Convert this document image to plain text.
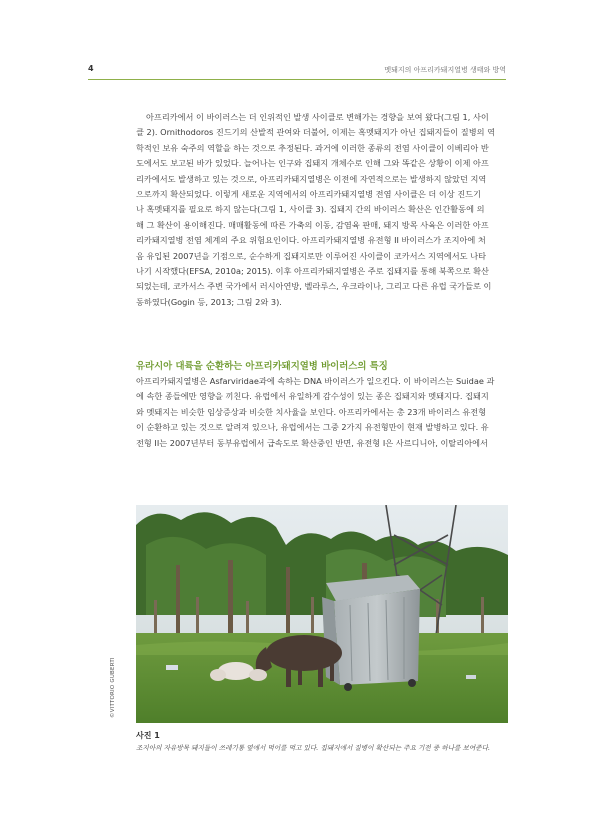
4	멧돼지의 아프리카돼지열병 생태와 방역
아프리카에서 이 바이러스는 더 인위적인 발생 사이클로 변해가는 경향을 보여 왔다(그림 1, 사이
클 2). Ornithodoros 진드기의 산발적 관여와 더불어, 이제는 혹멧돼지가 아닌 집돼지들이 질병의 역
학적인 보유 숙주의 역할을 하는 것으로 추정된다. 과거에 이러한 종류의 전염 사이클이 이베리아 반
도에서도 보고된 바가 있었다. 늘어나는 인구와 집돼지 개체수로 인해 그와 똑같은 상황이 이제 아프
리카에서도 발생하고 있는 것으로, 아프리카돼지열병은 이전에 자연적으로는 발생하지 않았던 지역
으로까지 확산되었다. 이렇게 새로운 지역에서의 아프리카돼지열병 전염 사이클은 더 이상 진드기
나 혹멧돼지를 필요로 하지 않는다(그림 1, 사이클 3). 집돼지 간의 바이러스 확산은 인간활동에 의
해 그 확산이 용이해진다. 매매활동에 따른 가축의 이동, 감염육 판매, 돼지 방목 사육은 이러한 아프
리카돼지열병 전염 체계의 주요 위험요인이다. 아프리카돼지열병 유전형 II 바이러스가 조지아에 처
음 유입된 2007년을 기점으로, 순수하게 집돼지로만 이루어진 사이클이 코카서스 지역에서도 나타
나기 시작했다(EFSA, 2010a; 2015). 이후 아프리카돼지열병은 주로 집돼지를 통해 북쪽으로 확산
되었는데, 코카서스 주변 국가에서 러시아연방, 벨라루스, 우크라이나, 그리고 다른 유럽 국가들로 이
동하였다(Gogin 등, 2013; 그림 2와 3).
유라시아 대륙을 순환하는 아프리카돼지열병 바이러스의 특징
아프리카돼지열병은 Asfarviridae과에 속하는 DNA 바이러스가 일으킨다. 이 바이러스는 Suidae 과
에 속한 종들에만 영향을 끼친다. 유럽에서 유일하게 감수성이 있는 종은 집돼지와 멧돼지다. 집돼지
와 멧돼지는 비슷한 임상증상과 비슷한 치사율을 보인다. 아프리카에서는 총 23개 바이러스 유전형
이 순환하고 있는 것으로 알려져 있으나, 유럽에서는 그중 2가지 유전형만이 현재 발병하고 있다. 유
전형 II는 2007년부터 동부유럽에서 급속도로 확산중인 반면, 유전형 I은 사르디니아, 이탈리아에서
©VITTORIO GUBERTI
사진 1
조지아의 자유방목 돼지들이 쓰레기통 옆에서 먹이를 먹고 있다. 집돼지에서 질병이 확산되는 주요 기전 중 하나를 보여준다.
